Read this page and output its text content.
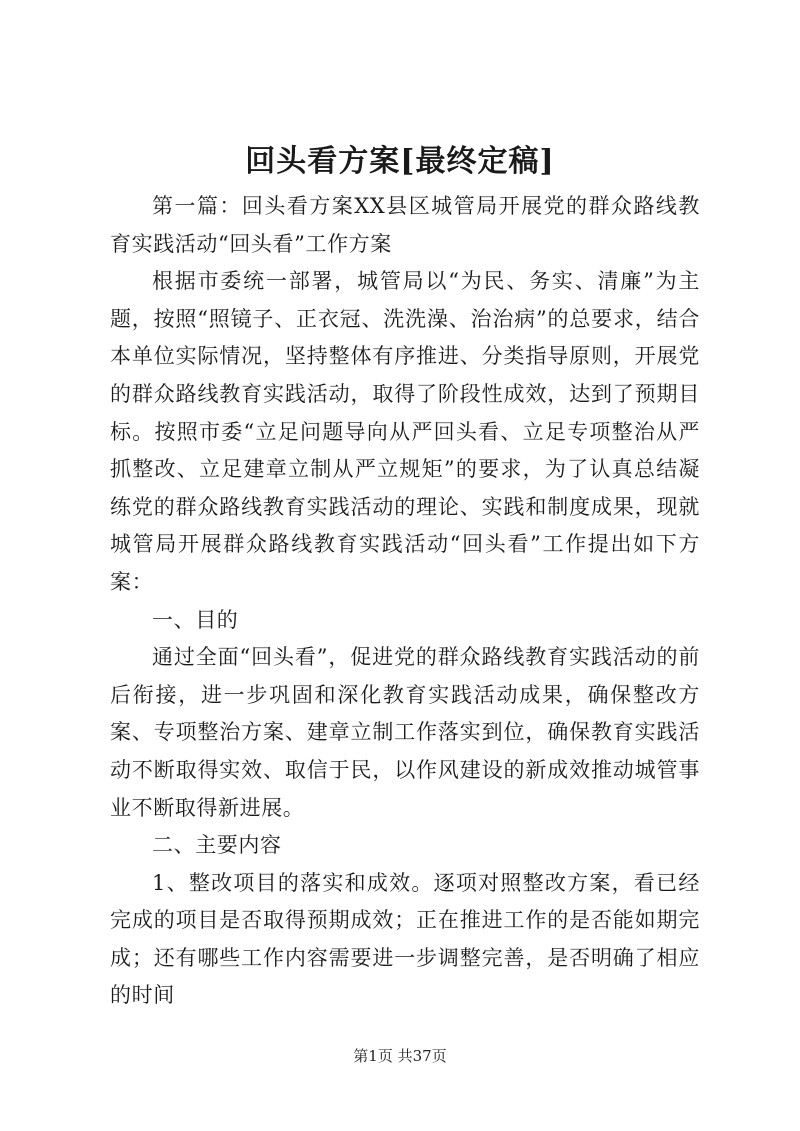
回头看方案[最终定稿]

第一篇：回头看方案XX县区城管局开展党的群众路线教育实践活动“回头看”工作方案

根据市委统一部署，城管局以“为民、务实、清廉”为主题，按照“照镜子、正衣冠、洗洗澡、治治病”的总要求，结合本单位实际情况，坚持整体有序推进、分类指导原则，开展党的群众路线教育实践活动，取得了阶段性成效，达到了预期目标。按照市委“立足问题导向从严回头看、立足专项整治从严抓整改、立足建章立制从严立规矩”的要求，为了认真总结凝练党的群众路线教育实践活动的理论、实践和制度成果，现就城管局开展群众路线教育实践活动“回头看”工作提出如下方案：

一、目的

通过全面“回头看”，促进党的群众路线教育实践活动的前后衔接，进一步巩固和深化教育实践活动成果，确保整改方案、专项整治方案、建章立制工作落实到位，确保教育实践活动不断取得实效、取信于民，以作风建设的新成效推动城管事业不断取得新进展。

二、主要内容

1、整改项目的落实和成效。逐项对照整改方案，看已经完成的项目是否取得预期成效；正在推进工作的是否能如期完成；还有哪些工作内容需要进一步调整完善，是否明确了相应的时间

第1页 共37页
